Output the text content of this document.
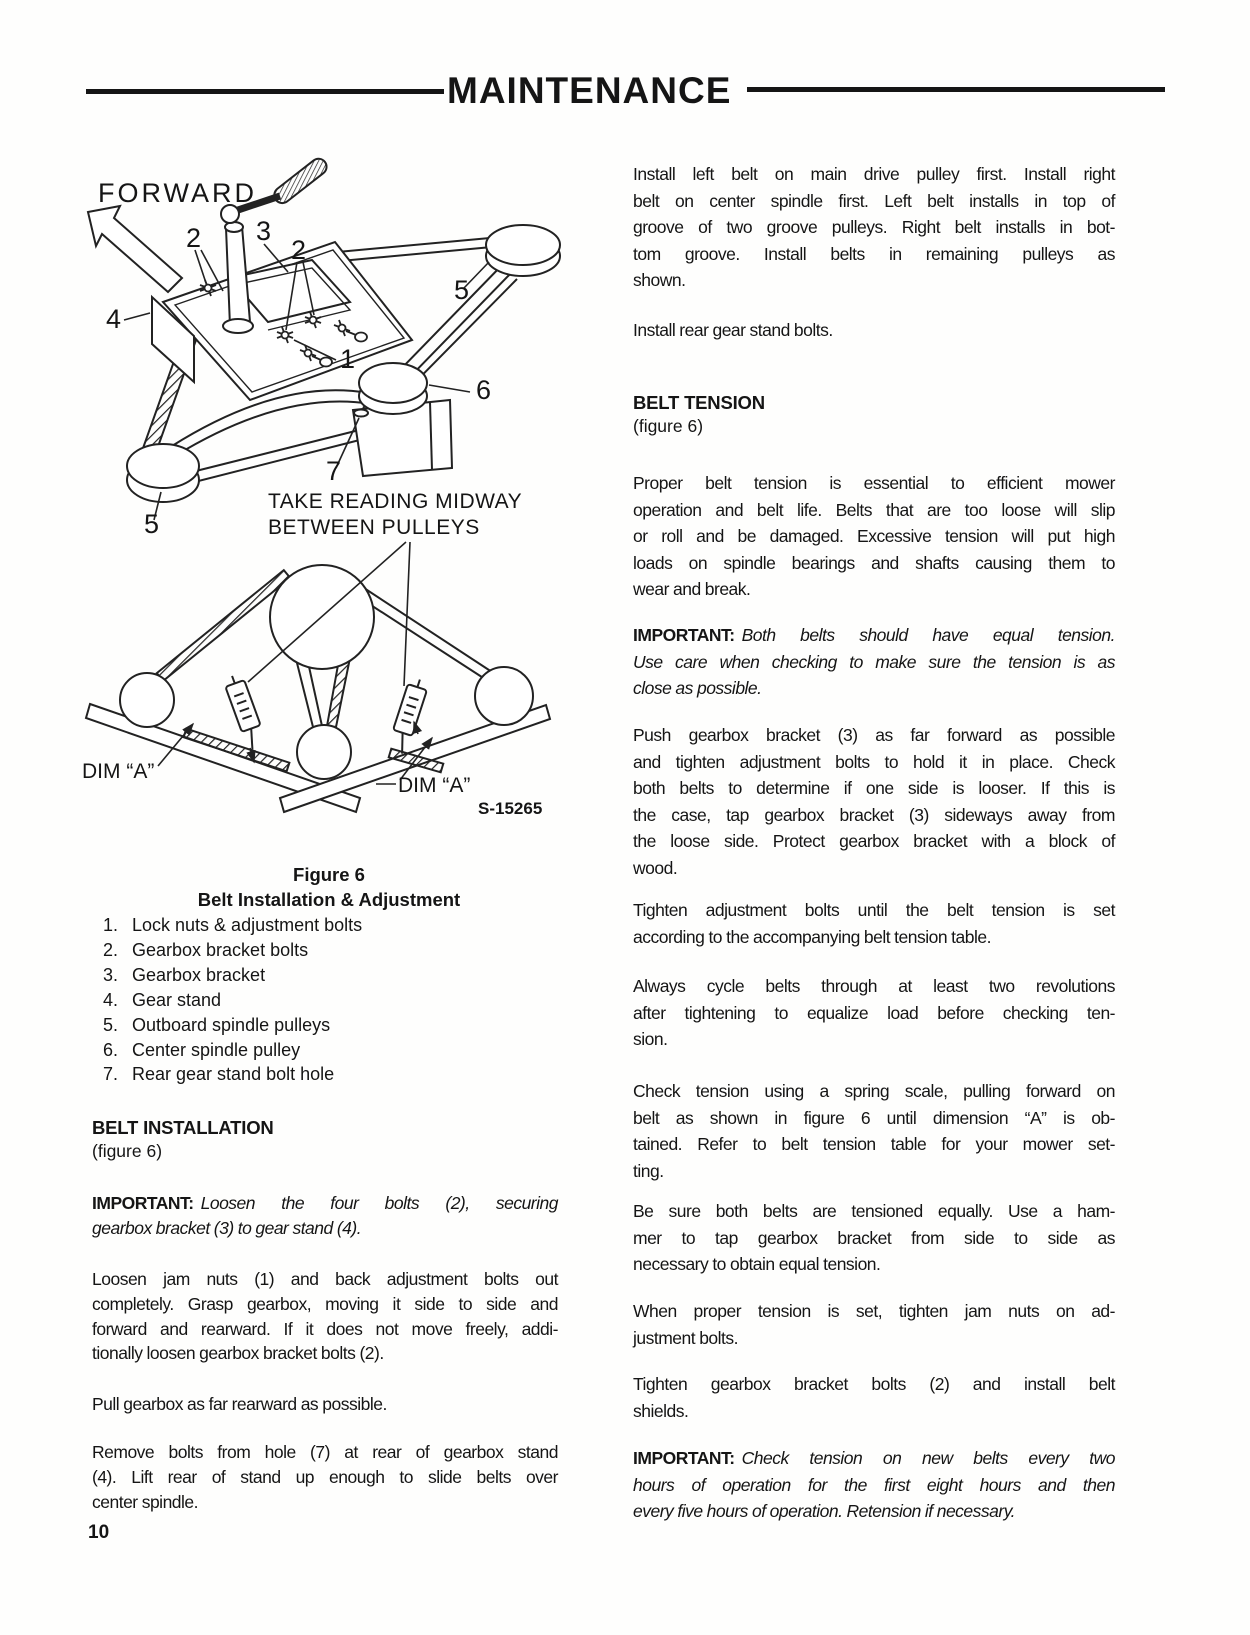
MAINTENANCE
FORWARD
2 3
2
5
4
1
6
7
5
TAKE READING MIDWAY
BETWEEN PULLEYS
DIM “A”
DIM “A”
S-15265
Figure 6
Belt Installation & Adjustment
1. Lock nuts & adjustment bolts
2. Gearbox bracket bolts
3. Gearbox bracket
4. Gear stand
5. Outboard spindle pulleys
6. Center spindle pulley
7. Rear gear stand bolt hole
BELT INSTALLATION
(figure 6)
IMPORTANT: Loosen the four bolts (2), securing
gearbox bracket (3) to gear stand (4).
Loosen jam nuts (1) and back adjustment bolts out
completely. Grasp gearbox, moving it side to side and
forward and rearward. If it does not move freely, addi-
tionally loosen gearbox bracket bolts (2).
Pull gearbox as far rearward as possible.
Remove bolts from hole (7) at rear of gearbox stand
(4). Lift rear of stand up enough to slide belts over
center spindle.
10
Install left belt on main drive pulley first. Install right
belt on center spindle first. Left belt installs in top of
groove of two groove pulleys. Right belt installs in bot-
tom groove. Install belts in remaining pulleys as
shown.
Install rear gear stand bolts.
BELT TENSION
(figure 6)
Proper belt tension is essential to efficient mower
operation and belt life. Belts that are too loose will slip
or roll and be damaged. Excessive tension will put high
loads on spindle bearings and shafts causing them to
wear and break.
IMPORTANT: Both belts should have equal tension.
Use care when checking to make sure the tension is as
close as possible.
Push gearbox bracket (3) as far forward as possible
and tighten adjustment bolts to hold it in place. Check
both belts to determine if one side is looser. If this is
the case, tap gearbox bracket (3) sideways away from
the loose side. Protect gearbox bracket with a block of
wood.
Tighten adjustment bolts until the belt tension is set
according to the accompanying belt tension table.
Always cycle belts through at least two revolutions
after tightening to equalize load before checking ten-
sion.
Check tension using a spring scale, pulling forward on
belt as shown in figure 6 until dimension “A” is ob-
tained. Refer to belt tension table for your mower set-
ting.
Be sure both belts are tensioned equally. Use a ham-
mer to tap gearbox bracket from side to side as
necessary to obtain equal tension.
When proper tension is set, tighten jam nuts on ad-
justment bolts.
Tighten gearbox bracket bolts (2) and install belt
shields.
IMPORTANT: Check tension on new belts every two
hours of operation for the first eight hours and then
every five hours of operation. Retension if necessary.
